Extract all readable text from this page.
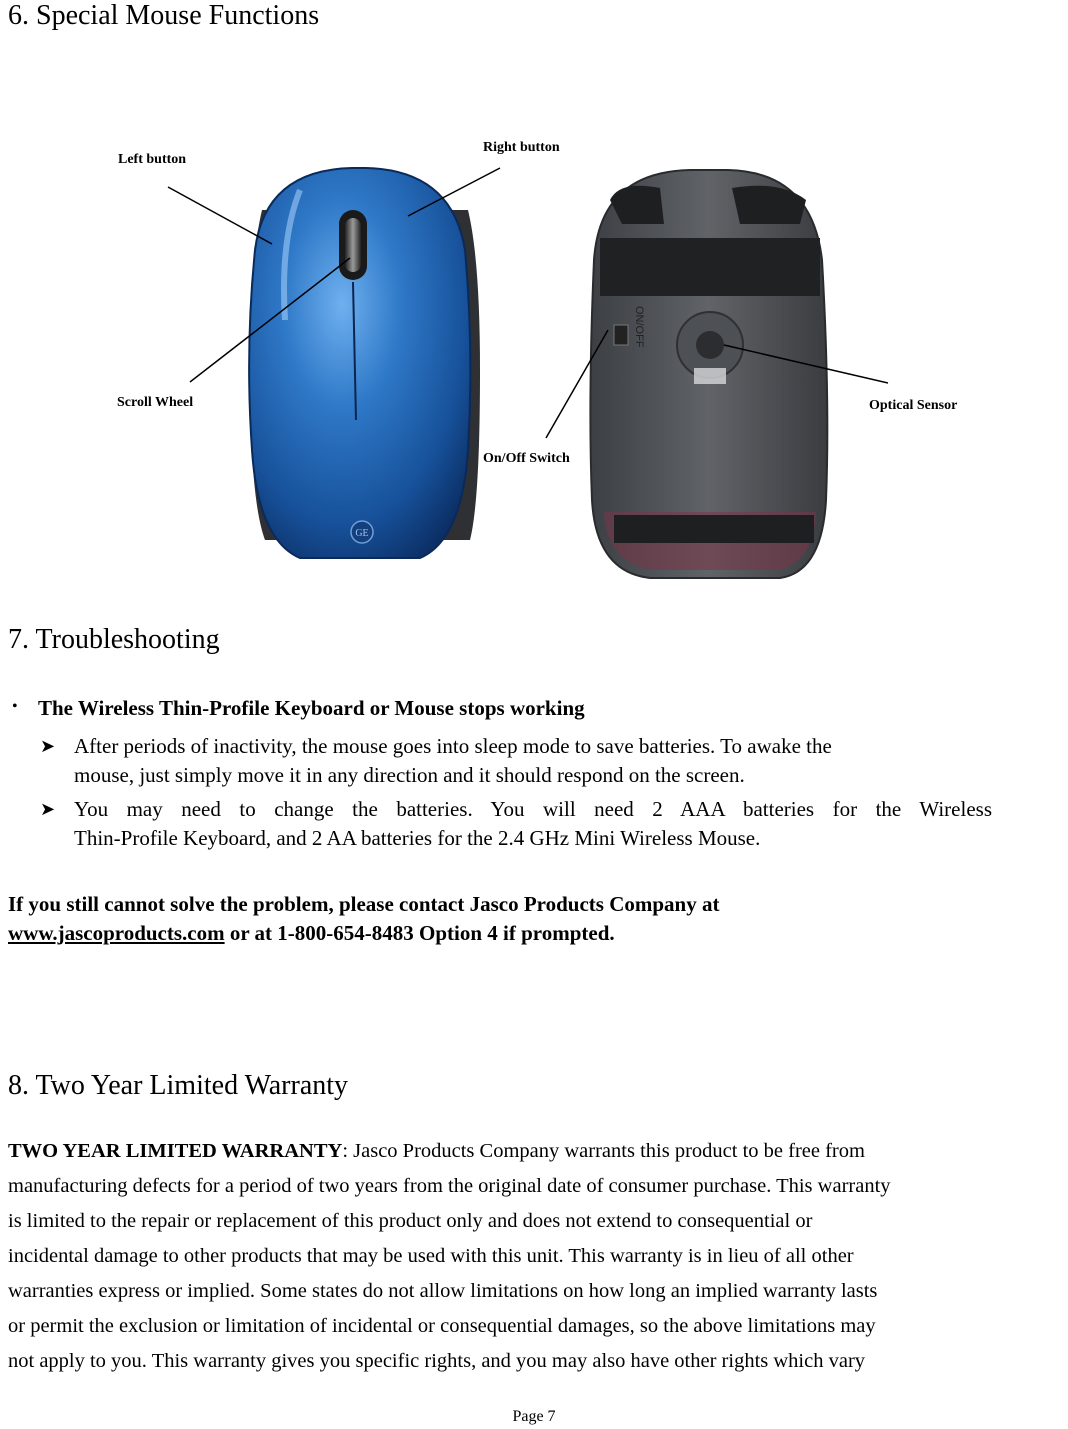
6. Special Mouse Functions
GE
ON/OFF
Left button
Right button
Scroll Wheel
On/Off Switch
Optical Sensor
7. Troubleshooting
• The Wireless Thin-Profile Keyboard or Mouse stops working
➤ After periods of inactivity, the mouse goes into sleep mode to save batteries. To awake the
mouse, just simply move it in any direction and it should respond on the screen.
➤ You may need to change the batteries. You will need 2 AAA batteries for the Wireless
Thin-Profile Keyboard, and 2 AA batteries for the 2.4 GHz Mini Wireless Mouse.
If you still cannot solve the problem, please contact Jasco Products Company at
www.jascoproducts.com or at 1-800-654-8483 Option 4 if prompted.
8. Two Year Limited Warranty
TWO YEAR LIMITED WARRANTY: Jasco Products Company warrants this product to be free from
manufacturing defects for a period of two years from the original date of consumer purchase. This warranty
is limited to the repair or replacement of this product only and does not extend to consequential or
incidental damage to other products that may be used with this unit. This warranty is in lieu of all other
warranties express or implied. Some states do not allow limitations on how long an implied warranty lasts
or permit the exclusion or limitation of incidental or consequential damages, so the above limitations may
not apply to you. This warranty gives you specific rights, and you may also have other rights which vary
Page 7
